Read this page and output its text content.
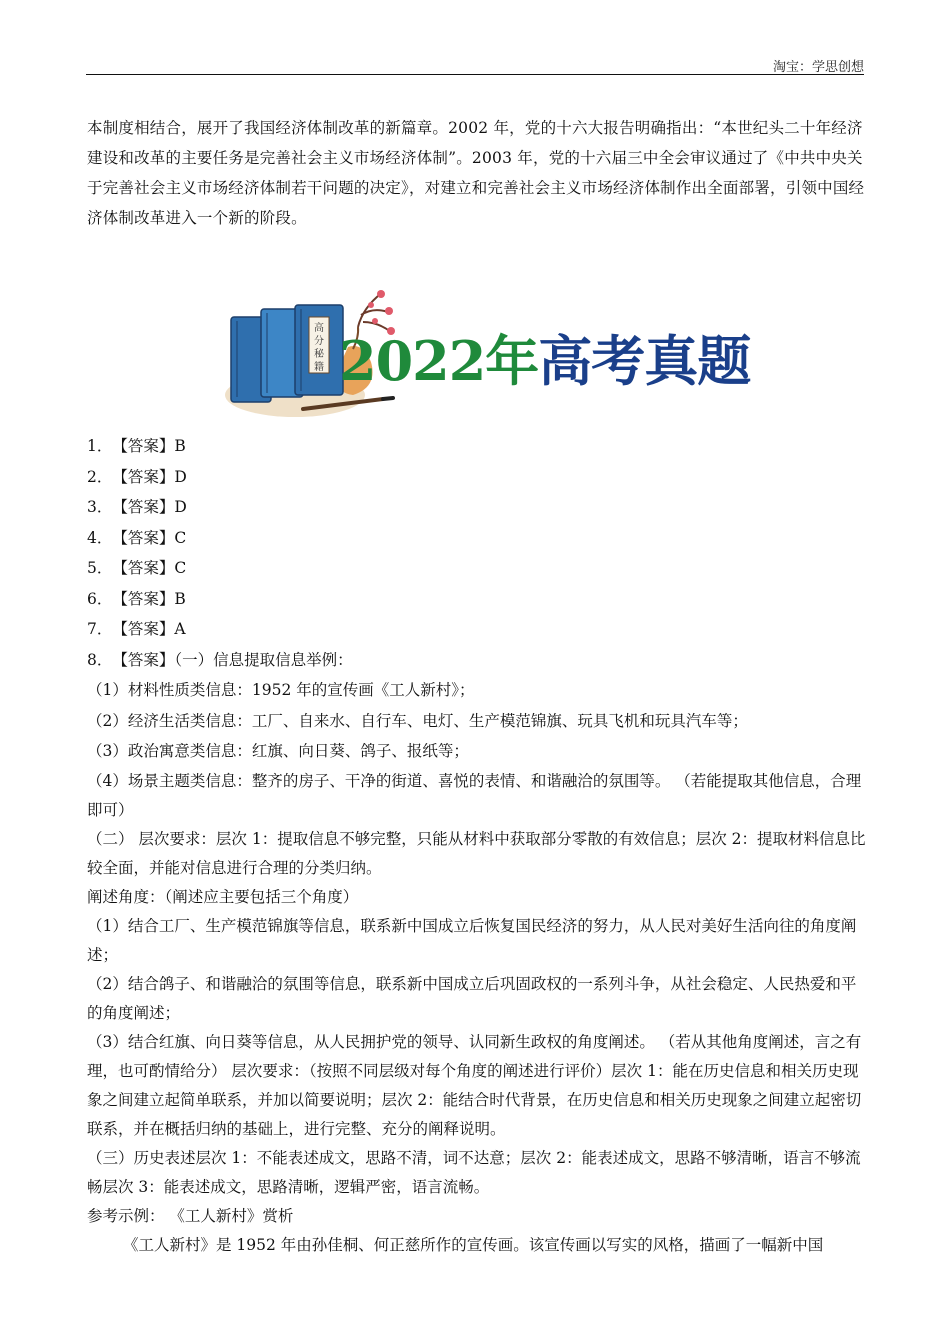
淘宝：学思创想
本制度相结合，展开了我国经济体制改革的新篇章。2002 年，党的十六大报告明确指出：“本世纪头二十年经济建设和改革的主要任务是完善社会主义市场经济体制”。2003 年，党的十六届三中全会审议通过了《中共中央关于完善社会主义市场经济体制若干问题的决定》，对建立和完善社会主义市场经济体制作出全面部署，引领中国经济体制改革进入一个新的阶段。
高
分
秘
籍 2022年高考真题

1．【答案】B

2．【答案】D

3．【答案】D

4．【答案】C

5．【答案】C

6．【答案】B

7．【答案】A

8．【答案】（一）信息提取信息举例：

（1）材料性质类信息：1952 年的宣传画《工人新村》；

（2）经济生活类信息：工厂、自来水、自行车、电灯、生产模范锦旗、玩具飞机和玩具汽车等；

（3）政治寓意类信息：红旗、向日葵、鸽子、报纸等；

（4）场景主题类信息：整齐的房子、干净的街道、喜悦的表情、和谐融洽的氛围等。 （若能提取其他信息，合理即可）

（二） 层次要求：层次 1：提取信息不够完整，只能从材料中获取部分零散的有效信息；层次 2：提取材料信息比较全面，并能对信息进行合理的分类归纳。

阐述角度：（阐述应主要包括三个角度）

（1）结合工厂、生产模范锦旗等信息，联系新中国成立后恢复国民经济的努力，从人民对美好生活向往的角度阐述；

（2）结合鸽子、和谐融洽的氛围等信息，联系新中国成立后巩固政权的一系列斗争，从社会稳定、人民热爱和平的角度阐述；

（3）结合红旗、向日葵等信息，从人民拥护党的领导、认同新生政权的角度阐述。 （若从其他角度阐述，言之有理，也可酌情给分） 层次要求：（按照不同层级对每个角度的阐述进行评价）层次 1：能在历史信息和相关历史现象之间建立起简单联系，并加以简要说明；层次 2：能结合时代背景，在历史信息和相关历史现象之间建立起密切联系，并在概括归纳的基础上，进行完整、充分的阐释说明。

（三）历史表述层次 1：不能表述成文，思路不清，词不达意；层次 2：能表述成文，思路不够清晰，语言不够流畅层次 3：能表述成文，思路清晰，逻辑严密，语言流畅。

参考示例： 《工人新村》赏析

《工人新村》是 1952 年由孙佳桐、何正慈所作的宣传画。该宣传画以写实的风格，描画了一幅新中国
